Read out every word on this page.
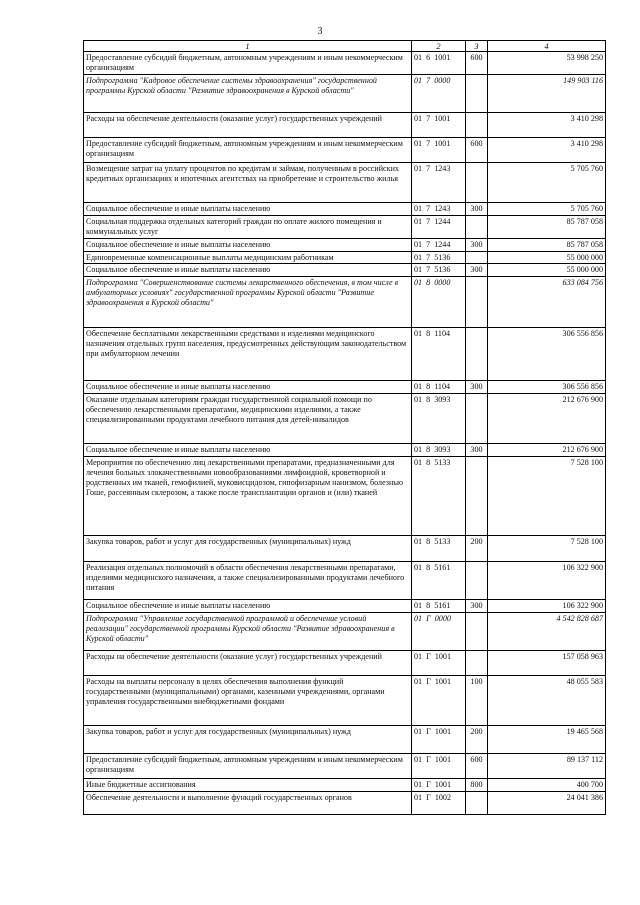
3
1	2	3	4
Предоставление субсидий бюджетным, автономным учреждениям и иным некоммерческим организациям	01 6 1001	600	53 998 250
Подпрограмма "Кадровое обеспечение системы здравоохранения" государственной программы Курской области "Развитие здравоохранения в Курской области"	01 7 0000		149 903 116
Расходы на обеспечение деятельности (оказание услуг) государственных учреждений	01 7 1001		3 410 298
Предоставление субсидий бюджетным, автономным учреждениям и иным некоммерческим организациям	01 7 1001	600	3 410 298
Возмещение затрат на уплату процентов по кредитам и займам, полученным в российских кредитных организациях и ипотечных агентствах на приобретение и строительство жилья	01 7 1243		5 705 760
Социальное обеспечение и иные выплаты населению	01 7 1243	300	5 705 760
Социальная поддержка отдельных категорий граждан по оплате жилого помещения и коммунальных услуг	01 7 1244		85 787 058
Социальное обеспечение и иные выплаты населению	01 7 1244	300	85 787 058
Единовременные компенсационные выплаты медицинским работникам	01 7 5136		55 000 000
Социальное обеспечение и иные выплаты населению	01 7 5136	300	55 000 000
Подпрограмма "Совершенствование системы лекарственного обеспечения, в том числе в амбулаторных условиях" государственной программы Курской области "Развитие здравоохранения в Курской области"	01 8 0000		633 084 756
Обеспечение бесплатными лекарственными средствами и изделиями медицинского назначения отдельных групп населения, предусмотренных действующим законодательством при амбулаторном лечении	01 8 1104		306 556 856
Социальное обеспечение и иные выплаты населению	01 8 1104	300	306 556 856
Оказание отдельным категориям граждан государственной социальной помощи по обеспечению лекарственными препаратами, медицинскими изделиями, а также специализированными продуктами лечебного питания для детей-инвалидов	01 8 3093		212 676 900
Социальное обеспечение и иные выплаты населению	01 8 3093	300	212 676 900
Мероприятия по обеспечению лиц лекарственными препаратами, предназначенными для лечения больных злокачественными новообразованиями лимфоидной, кроветворной и родственных им тканей, гемофилией, муковисцидозом, гипофизарным нанизмом, болезнью Гоше, рассеянным склерозом, а также после трансплантации органов и (или) тканей	01 8 5133		7 528 100
Закупка товаров, работ и услуг для государственных (муниципальных) нужд	01 8 5133	200	7 528 100
Реализация отдельных полномочий в области обеспечения лекарственными препаратами, изделиями медицинского назначения, а также специализированными продуктами лечебного питания	01 8 5161		106 322 900
Социальное обеспечение и иные выплаты населению	01 8 5161	300	106 322 900
Подпрограмма "Управление государственной программой и обеспечение условий реализации" государственной программы Курской области "Развитие здравоохранения в Курской области"	01 Г 0000		4 542 828 687
Расходы на обеспечение деятельности (оказание услуг) государственных учреждений	01 Г 1001		157 058 963
Расходы на выплаты персоналу в целях обеспечения выполнения функций государственными (муниципальными) органами, казенными учреждениями, органами управления государственными внебюджетными фондами	01 Г 1001	100	48 055 583
Закупка товаров, работ и услуг для государственных (муниципальных) нужд	01 Г 1001	200	19 465 568
Предоставление субсидий бюджетным, автономным учреждениям и иным некоммерческим организациям	01 Г 1001	600	89 137 112
Иные бюджетные ассигнования	01 Г 1001	800	400 700
Обеспечение деятельности и выполнение функций государственных органов	01 Г 1002		24 041 386
